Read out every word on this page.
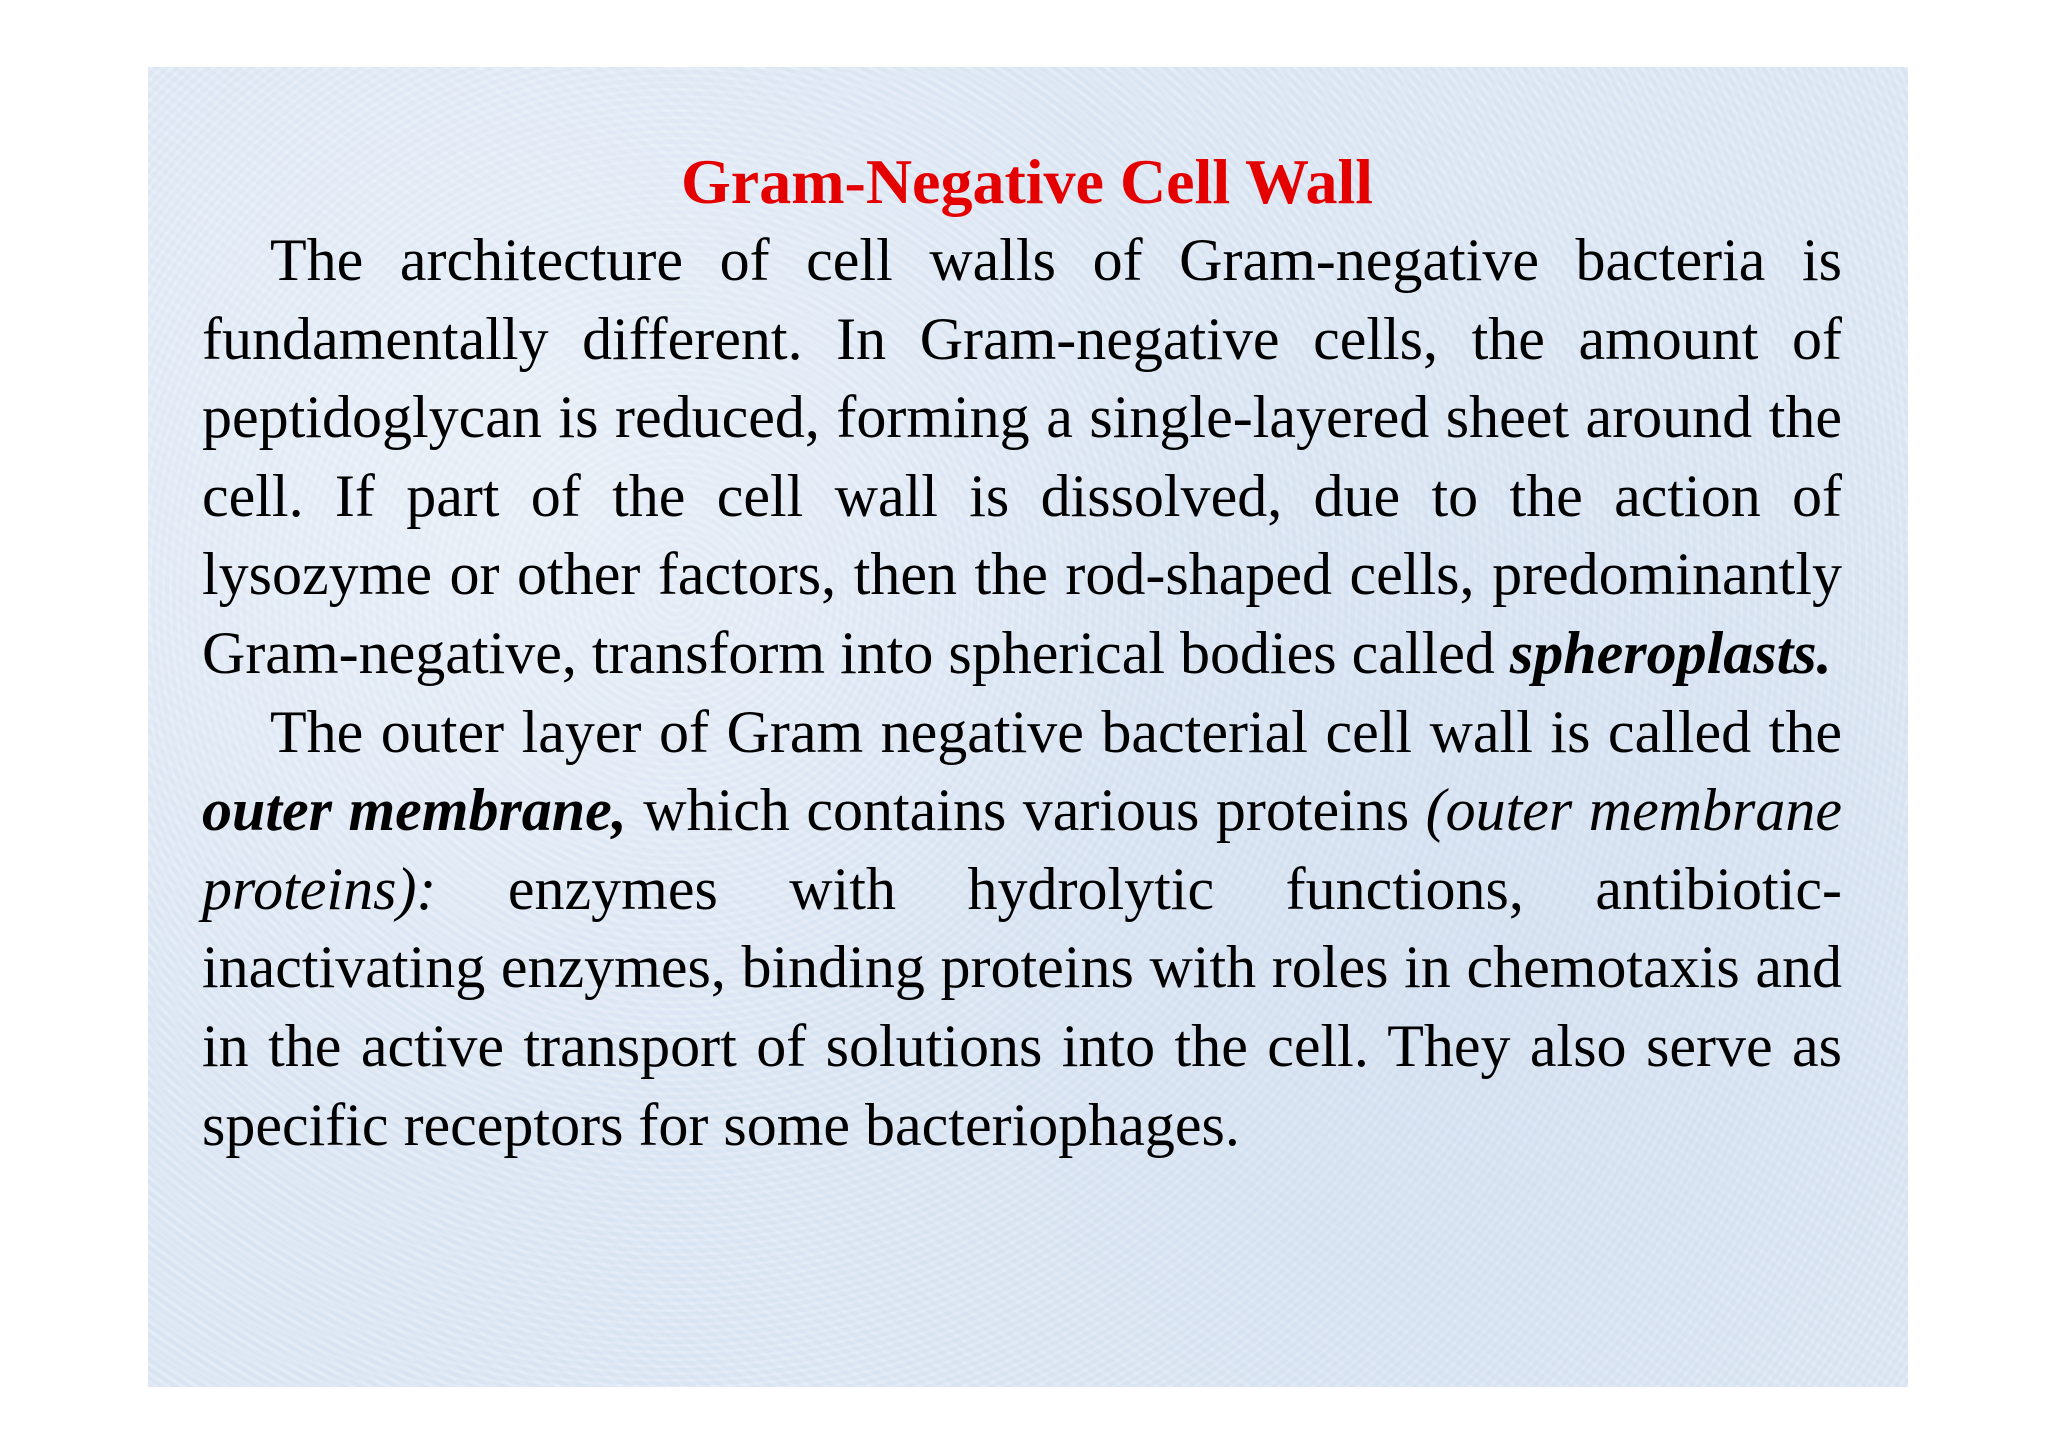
Gram-Negative Cell Wall

The architecture of cell walls of Gram-negative bacteria is fundamentally different. In Gram-negative cells, the amount of peptidoglycan is reduced, forming a single-layered sheet around the cell. If part of the cell wall is dissolved, due to the action of lysozyme or other factors, then the rod-shaped cells, predominantly Gram-negative, transform into spherical bodies called spheroplasts.

The outer layer of Gram negative bacterial cell wall is called the outer membrane, which contains various proteins (outer membrane proteins): enzymes with hydrolytic functions, antibiotic-inactivating enzymes, binding proteins with roles in chemotaxis and in the active transport of solutions into the cell. They also serve as specific receptors for some bacteriophages.
